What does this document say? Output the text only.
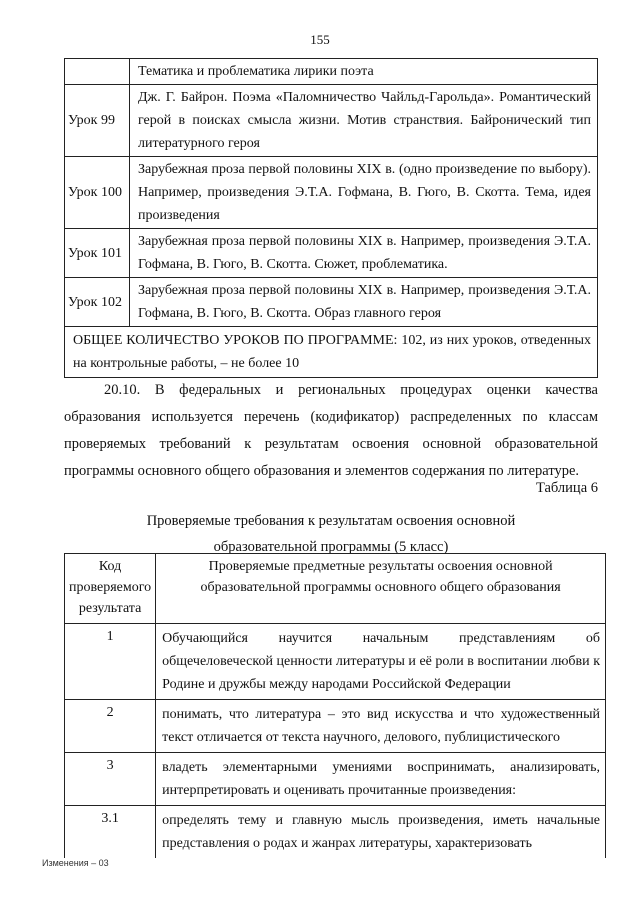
155
	Тематика и проблематика лирики поэта
Урок 99	Дж. Г. Байрон. Поэма «Паломничество Чайльд-Гарольда». Романтический герой в поисках смысла жизни. Мотив странствия. Байронический тип литературного героя
Урок 100	Зарубежная проза первой половины XIX в. (одно произведение по выбору). Например, произведения Э.Т.А. Гофмана, В. Гюго, В. Скотта. Тема, идея произведения
Урок 101	Зарубежная проза первой половины XIX в. Например, произведения Э.Т.А. Гофмана, В. Гюго, В. Скотта. Сюжет, проблематика.
Урок 102	Зарубежная проза первой половины XIX в. Например, произведения Э.Т.А. Гофмана, В. Гюго, В. Скотта. Образ главного героя
ОБЩЕЕ КОЛИЧЕСТВО УРОКОВ ПО ПРОГРАММЕ: 102, из них уроков, отведенных на контрольные работы, – не более 10	
20.10. В федеральных и региональных процедурах оценки качества образования используется перечень (кодификатор) распределенных по классам проверяемых требований к результатам освоения основной образовательной программы основного общего образования и элементов содержания по литературе.
Таблица 6
Проверяемые требования к результатам освоения основной
образовательной программы (5 класс)
Код проверяемого результата	Проверяемые предметные результаты освоения основной образовательной программы основного общего образования
1	Обучающийся научится начальным представлениям об общечеловеческой ценности литературы и её роли в воспитании любви к Родине и дружбы между народами Российской Федерации
2	понимать, что литература – это вид искусства и что художественный текст отличается от текста научного, делового, публицистического
3	владеть элементарными умениями воспринимать, анализировать, интерпретировать и оценивать прочитанные произведения:
3.1	определять тему и главную мысль произведения, иметь начальные представления о родах и жанрах литературы, характеризовать
Изменения – 03
